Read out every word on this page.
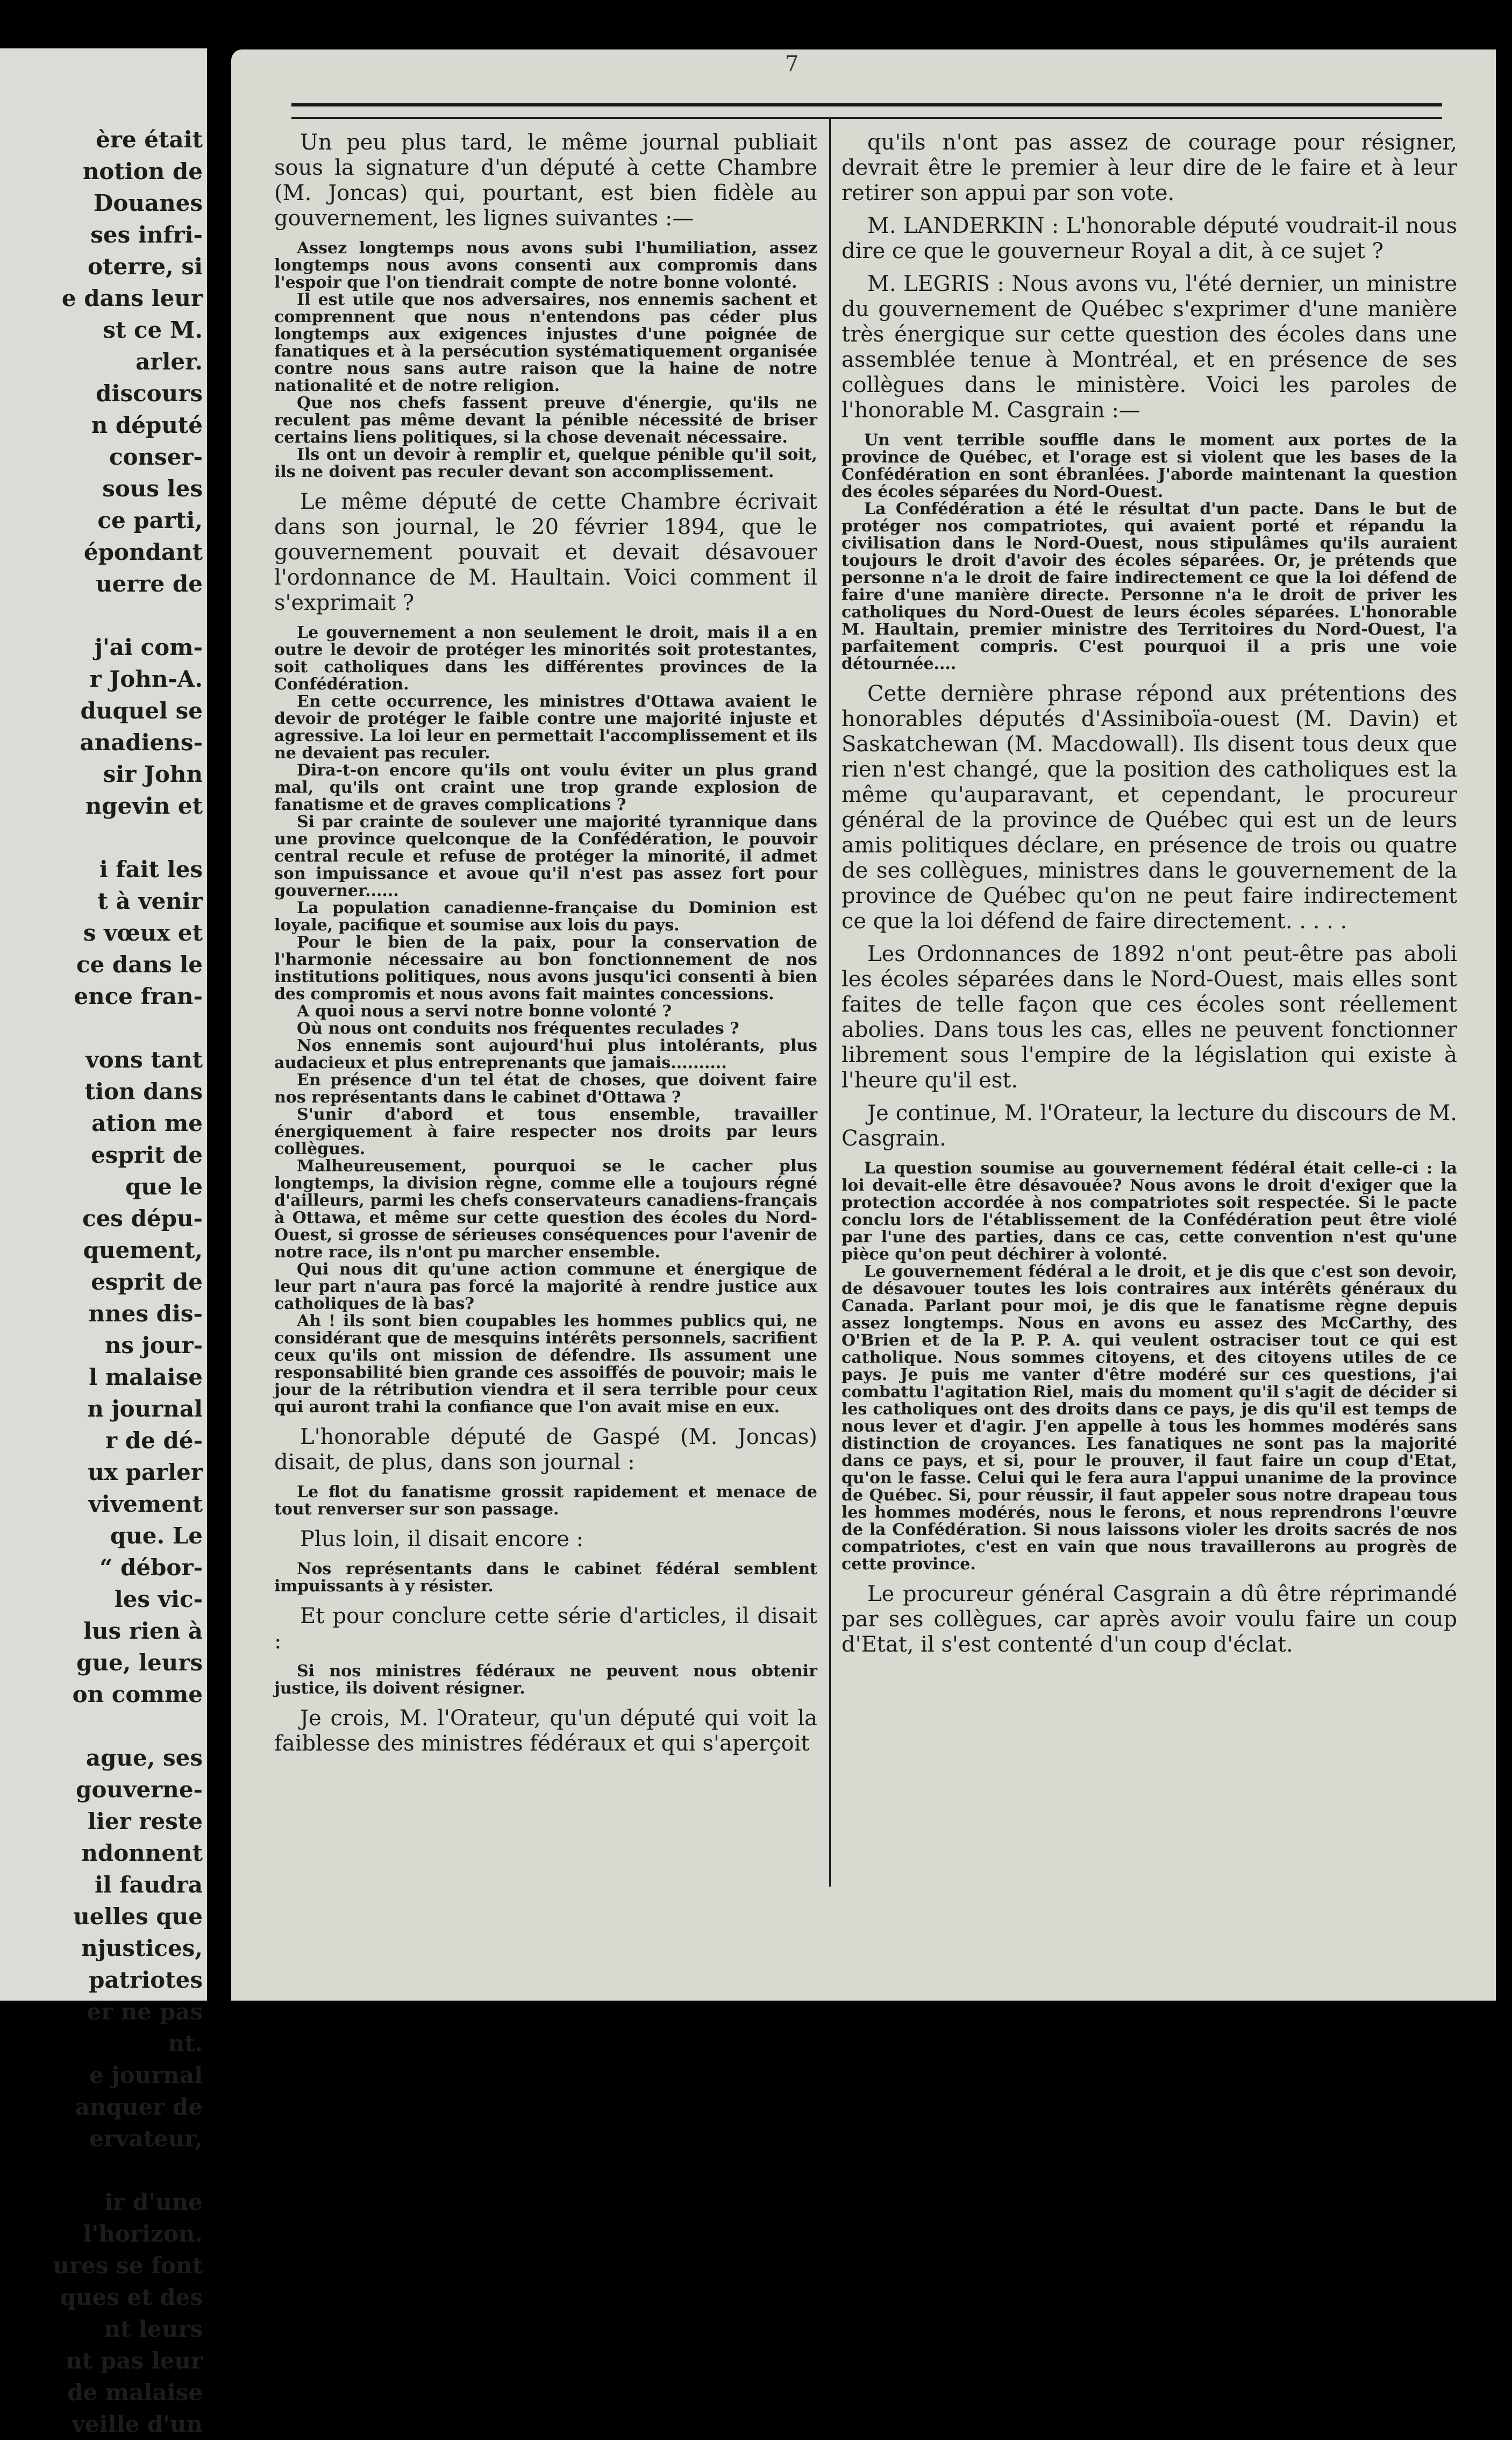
ère était
notion de
Douanes
ses infri-
oterre, si
e dans leur
st ce M.
arler.
discours
n député
conser-
sous les
ce parti,
épondant
uerre de

j'ai com-
r John-A.
duquel se
anadiens-
sir John
ngevin et

i fait les
t à venir
s vœux et
ce dans le
ence fran-

vons tant
tion dans
ation me
esprit de
que le
ces dépu-
quement,
esprit de
nnes dis-
ns jour-
l malaise
n journal
r de dé-
ux parler
vivement
que. Le
“ débor-
les vic-
lus rien à
gue, leurs
on comme

ague, ses
gouverne-
lier reste
ndonnent
il faudra
uelles que
njustices,
patriotes
er ne pas
nt.
e journal
anquer de
ervateur,

ir d'une
l'horizon.
ures se font
ques et des
nt leurs
nt pas leur
de malaise
veille d'un
7

Un peu plus tard, le même journal publiait sous la signature d'un député à cette Chambre (M. Joncas) qui, pourtant, est bien fidèle au gouvernement, les lignes suivantes :—

Assez longtemps nous avons subi l'humiliation, assez longtemps nous avons consenti aux compromis dans l'espoir que l'on tiendrait compte de notre bonne volonté.

Il est utile que nos adversaires, nos ennemis sachent et comprennent que nous n'entendons pas céder plus longtemps aux exigences injustes d'une poignée de fanatiques et à la persécution systématiquement organisée contre nous sans autre raison que la haine de notre nationalité et de notre religion.

Que nos chefs fassent preuve d'énergie, qu'ils ne reculent pas même devant la pénible nécessité de briser certains liens politiques, si la chose devenait nécessaire.

Ils ont un devoir à remplir et, quelque pénible qu'il soit, ils ne doivent pas reculer devant son accomplissement.

Le même député de cette Chambre écrivait dans son journal, le 20 février 1894, que le gouvernement pouvait et devait désavouer l'ordonnance de M. Haultain. Voici comment il s'exprimait ?

Le gouvernement a non seulement le droit, mais il a en outre le devoir de protéger les minorités soit protestantes, soit catholiques dans les différentes provinces de la Confédération.

En cette occurrence, les ministres d'Ottawa avaient le devoir de protéger le faible contre une majorité injuste et agressive. La loi leur en permettait l'accomplissement et ils ne devaient pas reculer.

Dira-t-on encore qu'ils ont voulu éviter un plus grand mal, qu'ils ont craint une trop grande explosion de fanatisme et de graves complications ?

Si par crainte de soulever une majorité tyrannique dans une province quelconque de la Confédération, le pouvoir central recule et refuse de protéger la minorité, il admet son impuissance et avoue qu'il n'est pas assez fort pour gouverner......

La population canadienne-française du Dominion est loyale, pacifique et soumise aux lois du pays.

Pour le bien de la paix, pour la conservation de l'harmonie nécessaire au bon fonctionnement de nos institutions politiques, nous avons jusqu'ici consenti à bien des compromis et nous avons fait maintes concessions.

A quoi nous a servi notre bonne volonté ?

Où nous ont conduits nos fréquentes reculades ?

Nos ennemis sont aujourd'hui plus intolérants, plus audacieux et plus entreprenants que jamais..........

En présence d'un tel état de choses, que doivent faire nos représentants dans le cabinet d'Ottawa ?

S'unir d'abord et tous ensemble, travailler énergiquement à faire respecter nos droits par leurs collègues.

Malheureusement, pourquoi se le cacher plus longtemps, la division règne, comme elle a toujours régné d'ailleurs, parmi les chefs conservateurs canadiens-français à Ottawa, et même sur cette question des écoles du Nord-Ouest, si grosse de sérieuses conséquences pour l'avenir de notre race, ils n'ont pu marcher ensemble.

Qui nous dit qu'une action commune et énergique de leur part n'aura pas forcé la majorité à rendre justice aux catholiques de là bas?

Ah ! ils sont bien coupables les hommes publics qui, ne considérant que de mesquins intérêts personnels, sacrifient ceux qu'ils ont mission de défendre. Ils assument une responsabilité bien grande ces assoiffés de pouvoir; mais le jour de la rétribution viendra et il sera terrible pour ceux qui auront trahi la confiance que l'on avait mise en eux.

L'honorable député de Gaspé (M. Joncas) disait, de plus, dans son journal :

Le flot du fanatisme grossit rapidement et menace de tout renverser sur son passage.

Plus loin, il disait encore :

Nos représentants dans le cabinet fédéral semblent impuissants à y résister.

Et pour conclure cette série d'articles, il disait :

Si nos ministres fédéraux ne peuvent nous obtenir justice, ils doivent résigner.

Je crois, M. l'Orateur, qu'un député qui voit la faiblesse des ministres fédéraux et qui s'aperçoit

qu'ils n'ont pas assez de courage pour résigner, devrait être le premier à leur dire de le faire et à leur retirer son appui par son vote.

M. LANDERKIN : L'honorable député voudrait-il nous dire ce que le gouverneur Royal a dit, à ce sujet ?

M. LEGRIS : Nous avons vu, l'été dernier, un ministre du gouvernement de Québec s'exprimer d'une manière très énergique sur cette question des écoles dans une assemblée tenue à Montréal, et en présence de ses collègues dans le ministère. Voici les paroles de l'honorable M. Casgrain :—

Un vent terrible souffle dans le moment aux portes de la province de Québec, et l'orage est si violent que les bases de la Confédération en sont ébranlées. J'aborde maintenant la question des écoles séparées du Nord-Ouest.

La Confédération a été le résultat d'un pacte. Dans le but de protéger nos compatriotes, qui avaient porté et répandu la civilisation dans le Nord-Ouest, nous stipulâmes qu'ils auraient toujours le droit d'avoir des écoles séparées. Or, je prétends que personne n'a le droit de faire indirectement ce que la loi défend de faire d'une manière directe. Personne n'a le droit de priver les catholiques du Nord-Ouest de leurs écoles séparées. L'honorable M. Haultain, premier ministre des Territoires du Nord-Ouest, l'a parfaitement compris. C'est pourquoi il a pris une voie détournée....

Cette dernière phrase répond aux prétentions des honorables députés d'Assiniboïa-ouest (M. Davin) et Saskatchewan (M. Macdowall). Ils disent tous deux que rien n'est changé, que la position des catholiques est la même qu'auparavant, et cependant, le procureur général de la province de Québec qui est un de leurs amis politiques déclare, en présence de trois ou quatre de ses collègues, ministres dans le gouvernement de la province de Québec qu'on ne peut faire indirectement ce que la loi défend de faire directement. . . . .

Les Ordonnances de 1892 n'ont peut-être pas aboli les écoles séparées dans le Nord-Ouest, mais elles sont faites de telle façon que ces écoles sont réellement abolies. Dans tous les cas, elles ne peuvent fonctionner librement sous l'empire de la législation qui existe à l'heure qu'il est.

Je continue, M. l'Orateur, la lecture du discours de M. Casgrain.

La question soumise au gouvernement fédéral était celle-ci : la loi devait-elle être désavouée? Nous avons le droit d'exiger que la protection accordée à nos compatriotes soit respectée. Si le pacte conclu lors de l'établissement de la Confédération peut être violé par l'une des parties, dans ce cas, cette convention n'est qu'une pièce qu'on peut déchirer à volonté.

Le gouvernement fédéral a le droit, et je dis que c'est son devoir, de désavouer toutes les lois contraires aux intérêts généraux du Canada. Parlant pour moi, je dis que le fanatisme règne depuis assez longtemps. Nous en avons eu assez des McCarthy, des O'Brien et de la P. P. A. qui veulent ostraciser tout ce qui est catholique. Nous sommes citoyens, et des citoyens utiles de ce pays. Je puis me vanter d'être modéré sur ces questions, j'ai combattu l'agitation Riel, mais du moment qu'il s'agit de décider si les catholiques ont des droits dans ce pays, je dis qu'il est temps de nous lever et d'agir. J'en appelle à tous les hommes modérés sans distinction de croyances. Les fanatiques ne sont pas la majorité dans ce pays, et si, pour le prouver, il faut faire un coup d'Etat, qu'on le fasse. Celui qui le fera aura l'appui unanime de la province de Québec. Si, pour réussir, il faut appeler sous notre drapeau tous les hommes modérés, nous le ferons, et nous reprendrons l'œuvre de la Confédération. Si nous laissons violer les droits sacrés de nos compatriotes, c'est en vain que nous travaillerons au progrès de cette province.

Le procureur général Casgrain a dû être réprimandé par ses collègues, car après avoir voulu faire un coup d'Etat, il s'est contenté d'un coup d'éclat.
